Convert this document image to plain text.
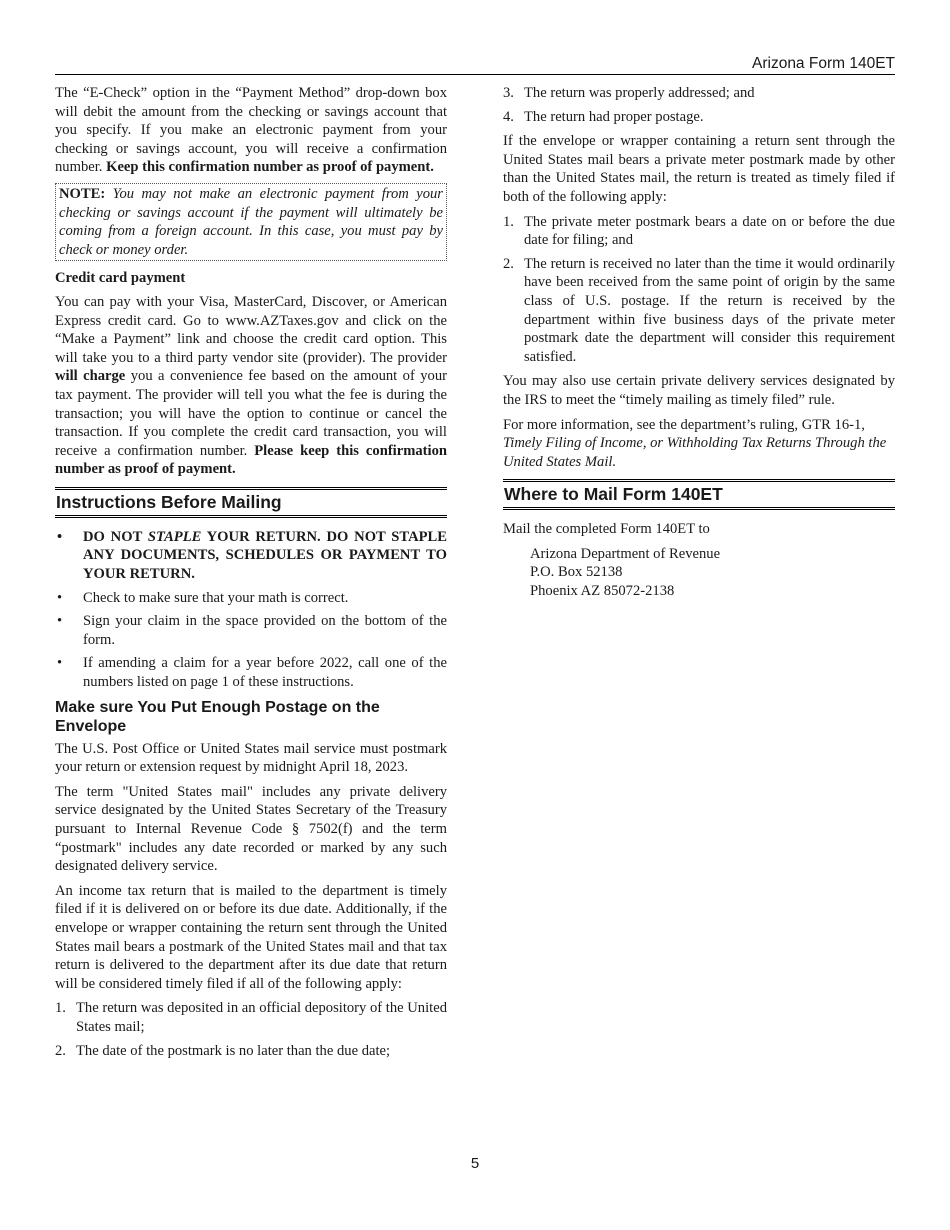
Arizona Form 140ET

The “E-Check” option in the “Payment Method” drop-down box will debit the amount from the checking or savings account that you specify. If you make an electronic payment from your checking or savings account, you will receive a confirmation number. Keep this confirmation number as proof of payment.

NOTE: You may not make an electronic payment from your checking or savings account if the payment will ultimately be coming from a foreign account. In this case, you must pay by check or money order.
Credit card payment

You can pay with your Visa, MasterCard, Discover, or American Express credit card. Go to www.AZTaxes.gov and click on the “Make a Payment” link and choose the credit card option. This will take you to a third party vendor site (provider). The provider will charge you a convenience fee based on the amount of your tax payment. The provider will tell you what the fee is during the transaction; you will have the option to continue or cancel the transaction. If you complete the credit card transaction, you will receive a confirmation number. Please keep this confirmation number as proof of payment.

Instructions Before Mailing
• DO NOT STAPLE YOUR RETURN. DO NOT STAPLE ANY DOCUMENTS, SCHEDULES OR PAYMENT TO YOUR RETURN.
• Check to make sure that your math is correct.
• Sign your claim in the space provided on the bottom of the form.
• If amending a claim for a year before 2022, call one of the numbers listed on page 1 of these instructions.
Make sure You Put Enough Postage on the Envelope

The U.S. Post Office or United States mail service must postmark your return or extension request by midnight April 18, 2023.

The term "United States mail" includes any private delivery service designated by the United States Secretary of the Treasury pursuant to Internal Revenue Code § 7502(f) and the term “postmark" includes any date recorded or marked by any such designated delivery service.

An income tax return that is mailed to the department is timely filed if it is delivered on or before its due date. Additionally, if the envelope or wrapper containing the return sent through the United States mail bears a postmark of the United States mail and that tax return is delivered to the department after its due date that return will be considered timely filed if all of the following apply:

1. The return was deposited in an official depository of the United States mail;
2. The date of the postmark is no later than the due date;
3. The return was properly addressed; and
4. The return had proper postage.

If the envelope or wrapper containing a return sent through the United States mail bears a private meter postmark made by other than the United States mail, the return is treated as timely filed if both of the following apply:

1. The private meter postmark bears a date on or before the due date for filing; and
2. The return is received no later than the time it would ordinarily have been received from the same point of origin by the same class of U.S. postage. If the return is received by the department within five business days of the private meter postmark date the department will consider this requirement satisfied.

You may also use certain private delivery services designated by the IRS to meet the “timely mailing as timely filed” rule.

For more information, see the department’s ruling, GTR 16-1, Timely Filing of Income, or Withholding Tax Returns Through the United States Mail.

Where to Mail Form 140ET
Mail the completed Form 140ET to
Arizona Department of Revenue
P.O. Box 52138
Phoenix AZ 85072-2138
5
